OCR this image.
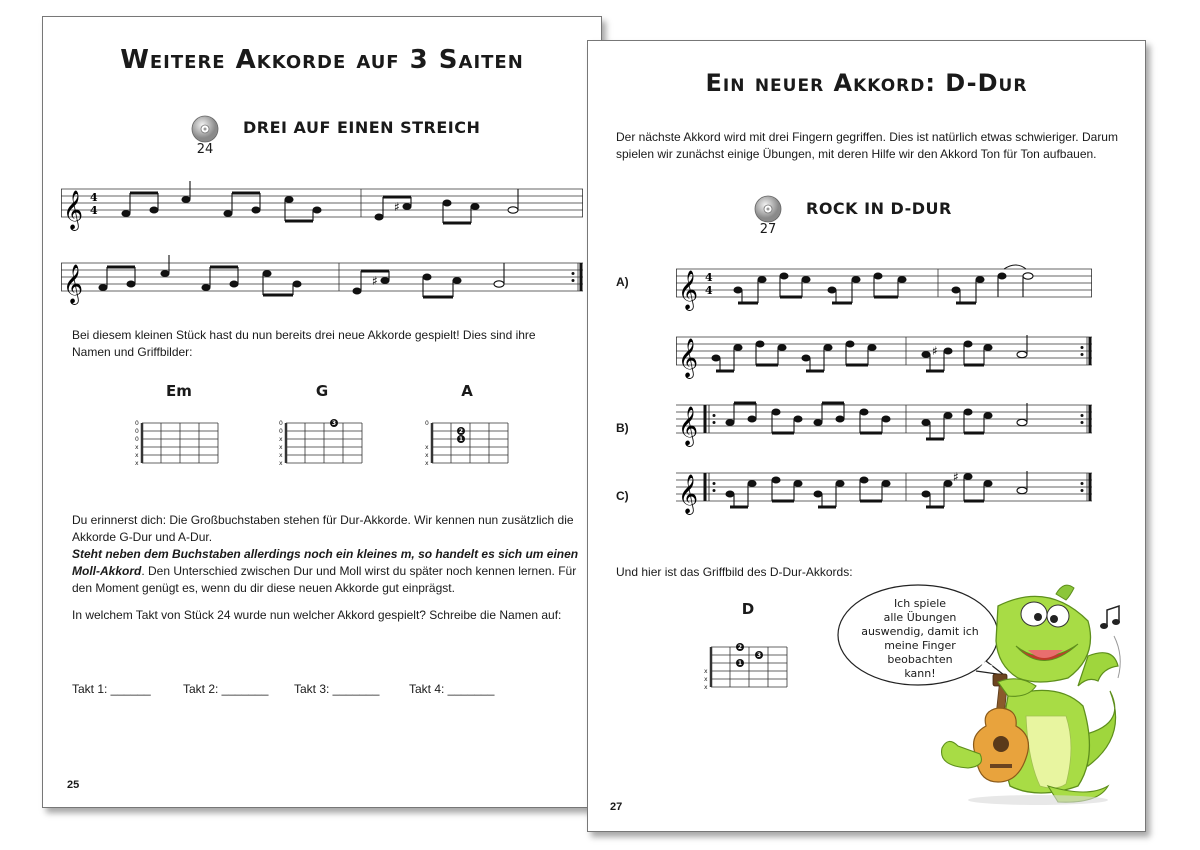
Weitere Akkorde auf 3 Saiten
24
DREI AUF EINEN STREICH
𝄞 4
4	♯
𝄞	♯
Bei diesem kleinen Stück hast du nun bereits drei neue Akkorde gespielt! Dies sind ihre Namen und Griffbilder:
Em	G	A
0
0
0
x
x
x
0
0
x
x
x
x
3	0
x
x
x
2
1
Du erinnerst dich: Die Großbuchstaben stehen für Dur-Akkorde. Wir kennen nun zusätzlich die Akkorde G-Dur und A-Dur.
Steht neben dem Buchstaben allerdings noch ein kleines m, so handelt es sich um einen Moll-Akkord. Den Unterschied zwischen Dur und Moll wirst du später noch kennen lernen. Für den Moment genügt es, wenn du dir diese neuen Akkorde gut einprägst.
In welchem Takt von Stück 24 wurde nun welcher Akkord gespielt? Schreibe die Namen auf:
Takt 1: ______	Takt 2: _______ Takt 3: _______ Takt 4: _______
25
Ein neuer Akkord: D-Dur
Der nächste Akkord wird mit drei Fingern gegriffen. Dies ist natürlich etwas schwieriger. Darum spielen wir zunächst einige Übungen, mit deren Hilfe wir den Akkord Ton für Ton aufbauen.
27
ROCK IN D-DUR
A)
B)
C)
𝄞 4
4
𝄞	♯
𝄞
𝄞	♯
Und hier ist das Griffbild des D-Dur-Akkords:
D
x
x
x
2
3
1
Ich spiele
alle Übungen
auswendig, damit ich
meine Finger
beobachten
kann!
27
